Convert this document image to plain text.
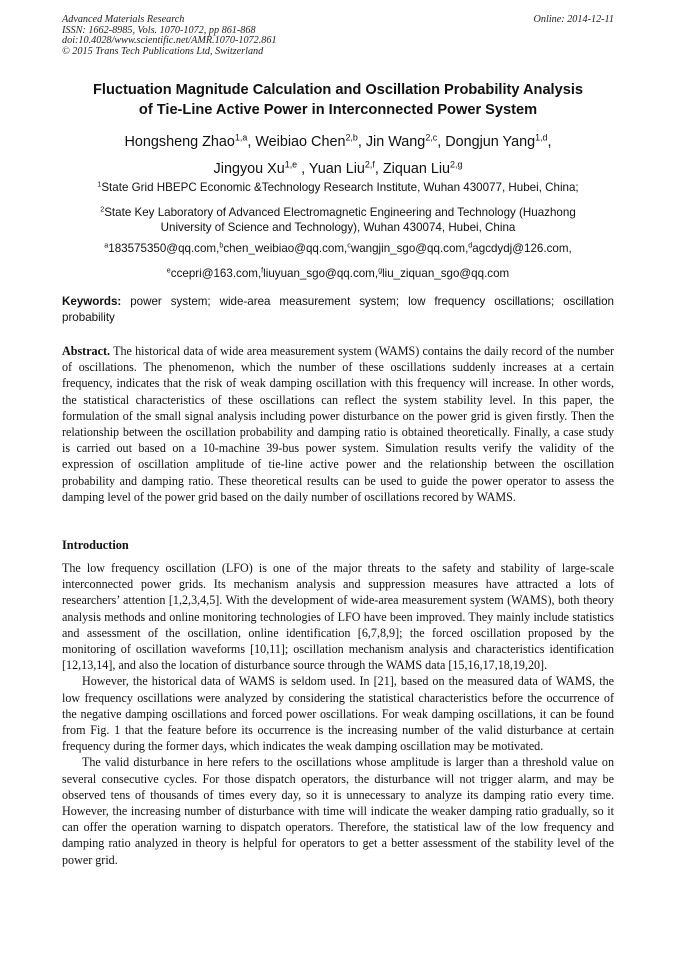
Advanced Materials Research
ISSN: 1662-8985, Vols. 1070-1072, pp 861-868
doi:10.4028/www.scientific.net/AMR.1070-1072.861
© 2015 Trans Tech Publications Ltd, Switzerland
Online: 2014-12-11
Fluctuation Magnitude Calculation and Oscillation Probability Analysis
of Tie-Line Active Power in Interconnected Power System
Hongsheng Zhao$^{1,a}$, Weibiao Chen$^{2,b}$, Jin Wang$^{2,c}$, Dongjun Yang$^{1,d}$,
Jingyou Xu$^{1,e}$ , Yuan Liu$^{2,f}$, Ziquan Liu$^{2,g}$
$^1$State Grid HBEPC Economic &Technology Research Institute, Wuhan 430077, Hubei, China;
$^2$State Key Laboratory of Advanced Electromagnetic Engineering and Technology (Huazhong
University of Science and Technology), Wuhan 430074, Hubei, China
$^a$183575350@qq.com,$^b$chen_weibiao@qq.com,$^c$wangjin_sgo@qq.com,$^d$agcdydj@126.com,
$^e$ccepri@163.com,$^f$liuyuan_sgo@qq.com,$^g$liu_ziquan_sgo@qq.com
Keywords: power system; wide-area measurement system; low frequency oscillations; oscillation probability
Abstract. The historical data of wide area measurement system (WAMS) contains the daily record of the number of oscillations. The phenomenon, which the number of these oscillations suddenly increases at a certain frequency, indicates that the risk of weak damping oscillation with this frequency will increase. In other words, the statistical characteristics of these oscillations can reflect the system stability level. In this paper, the formulation of the small signal analysis including power disturbance on the power grid is given firstly. Then the relationship between the oscillation probability and damping ratio is obtained theoretically. Finally, a case study is carried out based on a 10-machine 39-bus power system. Simulation results verify the validity of the expression of oscillation amplitude of tie-line active power and the relationship between the oscillation probability and damping ratio. These theoretical results can be used to guide the power operator to assess the damping level of the power grid based on the daily number of oscillations recored by WAMS.
Introduction

The low frequency oscillation (LFO) is one of the major threats to the safety and stability of large-scale interconnected power grids. Its mechanism analysis and suppression measures have attracted a lots of researchers’ attention [1,2,3,4,5]. With the development of wide-area measurement system (WAMS), both theory analysis methods and online monitoring technologies of LFO have been improved. They mainly include statistics and assessment of the oscillation, online identification [6,7,8,9]; the forced oscillation proposed by the monitoring of oscillation waveforms [10,11]; oscillation mechanism analysis and characteristics identification [12,13,14], and also the location of disturbance source through the WAMS data [15,16,17,18,19,20].

However, the historical data of WAMS is seldom used. In [21], based on the measured data of WAMS, the low frequency oscillations were analyzed by considering the statistical characteristics before the occurrence of the negative damping oscillations and forced power oscillations. For weak damping oscillations, it can be found from Fig. 1 that the feature before its occurrence is the increasing number of the valid disturbance at certain frequency during the former days, which indicates the weak damping oscillation may be motivated.

The valid disturbance in here refers to the oscillations whose amplitude is larger than a threshold value on several consecutive cycles. For those dispatch operators, the disturbance will not trigger alarm, and may be observed tens of thousands of times every day, so it is unnecessary to analyze its damping ratio every time. However, the increasing number of disturbance with time will indicate the weaker damping ratio gradually, so it can offer the operation warning to dispatch operators. Therefore, the statistical law of the low frequency and damping ratio analyzed in theory is helpful for operators to get a better assessment of the stability level of the power grid.
